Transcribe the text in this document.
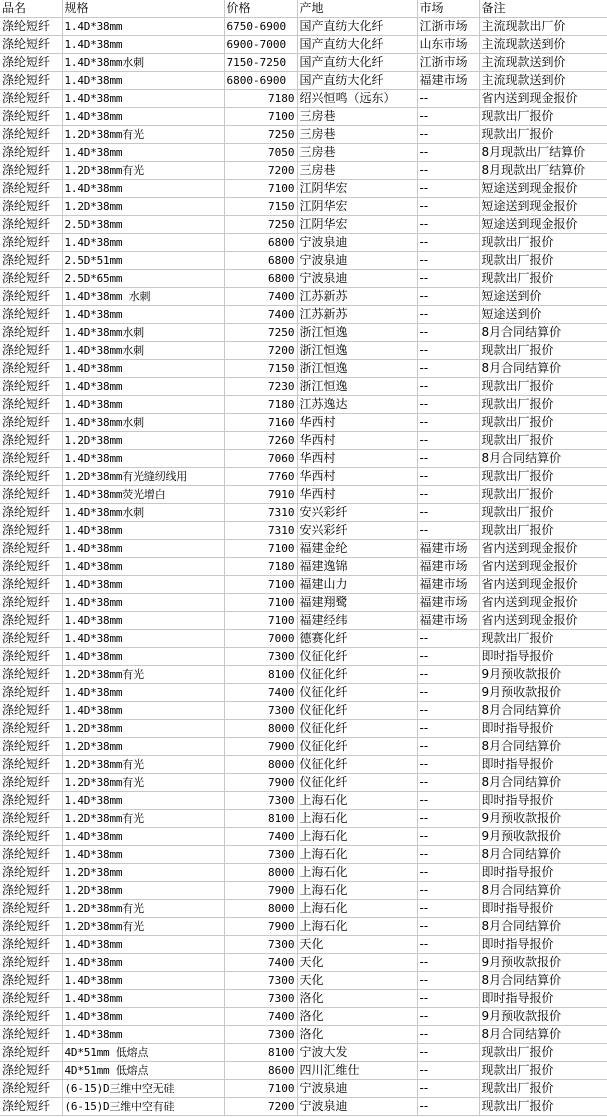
品名	规格	价格	产地	市场	备注
涤纶短纤	1.4D*38mm	6750-6900	国产直纺大化纤	江浙市场	主流现款出厂价
涤纶短纤	1.4D*38mm	6900-7000	国产直纺大化纤	山东市场	主流现款送到价
涤纶短纤	1.4D*38mm水刺	7150-7250	国产直纺大化纤	江浙市场	主流现款送到价
涤纶短纤	1.4D*38mm	6800-6900	国产直纺大化纤	福建市场	主流现款送到价
涤纶短纤	1.4D*38mm	7180	绍兴恒鸣（远东）	--	省内送到现金报价
涤纶短纤	1.4D*38mm	7100	三房巷	--	现款出厂报价
涤纶短纤	1.2D*38mm有光	7250	三房巷	--	现款出厂报价
涤纶短纤	1.4D*38mm	7050	三房巷	--	8月现款出厂结算价
涤纶短纤	1.2D*38mm有光	7200	三房巷	--	8月现款出厂结算价
涤纶短纤	1.4D*38mm	7100	江阴华宏	--	短途送到现金报价
涤纶短纤	1.2D*38mm	7150	江阴华宏	--	短途送到现金报价
涤纶短纤	2.5D*38mm	7250	江阴华宏	--	短途送到现金报价
涤纶短纤	1.4D*38mm	6800	宁波泉迪	--	现款出厂报价
涤纶短纤	2.5D*51mm	6800	宁波泉迪	--	现款出厂报价
涤纶短纤	2.5D*65mm	6800	宁波泉迪	--	现款出厂报价
涤纶短纤	1.4D*38mm 水刺	7400	江苏新苏	--	短途送到价
涤纶短纤	1.4D*38mm	7400	江苏新苏	--	短途送到价
涤纶短纤	1.4D*38mm水刺	7250	浙江恒逸	--	8月合同结算价
涤纶短纤	1.4D*38mm水刺	7200	浙江恒逸	--	现款出厂报价
涤纶短纤	1.4D*38mm	7150	浙江恒逸	--	8月合同结算价
涤纶短纤	1.4D*38mm	7230	浙江恒逸	--	现款出厂报价
涤纶短纤	1.4D*38mm	7180	江苏逸达	--	现款出厂报价
涤纶短纤	1.4D*38mm水刺	7160	华西村	--	现款出厂报价
涤纶短纤	1.2D*38mm	7260	华西村	--	现款出厂报价
涤纶短纤	1.4D*38mm	7060	华西村	--	8月合同结算价
涤纶短纤	1.2D*38mm有光缝纫线用	7760	华西村	--	现款出厂报价
涤纶短纤	1.4D*38mm荧光增白	7910	华西村	--	现款出厂报价
涤纶短纤	1.4D*38mm水刺	7310	安兴彩纤	--	现款出厂报价
涤纶短纤	1.4D*38mm	7310	安兴彩纤	--	现款出厂报价
涤纶短纤	1.4D*38mm	7100	福建金纶	福建市场	省内送到现金报价
涤纶短纤	1.4D*38mm	7180	福建逸锦	福建市场	省内送到现金报价
涤纶短纤	1.4D*38mm	7100	福建山力	福建市场	省内送到现金报价
涤纶短纤	1.4D*38mm	7100	福建翔鹭	福建市场	省内送到现金报价
涤纶短纤	1.4D*38mm	7100	福建经纬	福建市场	省内送到现金报价
涤纶短纤	1.4D*38mm	7000	德赛化纤	--	现款出厂报价
涤纶短纤	1.4D*38mm	7300	仪征化纤	--	即时指导报价
涤纶短纤	1.2D*38mm有光	8100	仪征化纤	--	9月预收款报价
涤纶短纤	1.4D*38mm	7400	仪征化纤	--	9月预收款报价
涤纶短纤	1.4D*38mm	7300	仪征化纤	--	8月合同结算价
涤纶短纤	1.2D*38mm	8000	仪征化纤	--	即时指导报价
涤纶短纤	1.2D*38mm	7900	仪征化纤	--	8月合同结算价
涤纶短纤	1.2D*38mm有光	8000	仪征化纤	--	即时指导报价
涤纶短纤	1.2D*38mm有光	7900	仪征化纤	--	8月合同结算价
涤纶短纤	1.4D*38mm	7300	上海石化	--	即时指导报价
涤纶短纤	1.2D*38mm有光	8100	上海石化	--	9月预收款报价
涤纶短纤	1.4D*38mm	7400	上海石化	--	9月预收款报价
涤纶短纤	1.4D*38mm	7300	上海石化	--	8月合同结算价
涤纶短纤	1.2D*38mm	8000	上海石化	--	即时指导报价
涤纶短纤	1.2D*38mm	7900	上海石化	--	8月合同结算价
涤纶短纤	1.2D*38mm有光	8000	上海石化	--	即时指导报价
涤纶短纤	1.2D*38mm有光	7900	上海石化	--	8月合同结算价
涤纶短纤	1.4D*38mm	7300	天化	--	即时指导报价
涤纶短纤	1.4D*38mm	7400	天化	--	9月预收款报价
涤纶短纤	1.4D*38mm	7300	天化	--	8月合同结算价
涤纶短纤	1.4D*38mm	7300	洛化	--	即时指导报价
涤纶短纤	1.4D*38mm	7400	洛化	--	9月预收款报价
涤纶短纤	1.4D*38mm	7300	洛化	--	8月合同结算价
涤纶短纤	4D*51mm 低熔点	8100	宁波大发	--	现款出厂报价
涤纶短纤	4D*51mm 低熔点	8600	四川汇维仕	--	现款出厂报价
涤纶短纤	(6-15)D三维中空无硅	7100	宁波泉迪	--	现款出厂报价
涤纶短纤	(6-15)D三维中空有硅	7200	宁波泉迪	--	现款出厂报价
